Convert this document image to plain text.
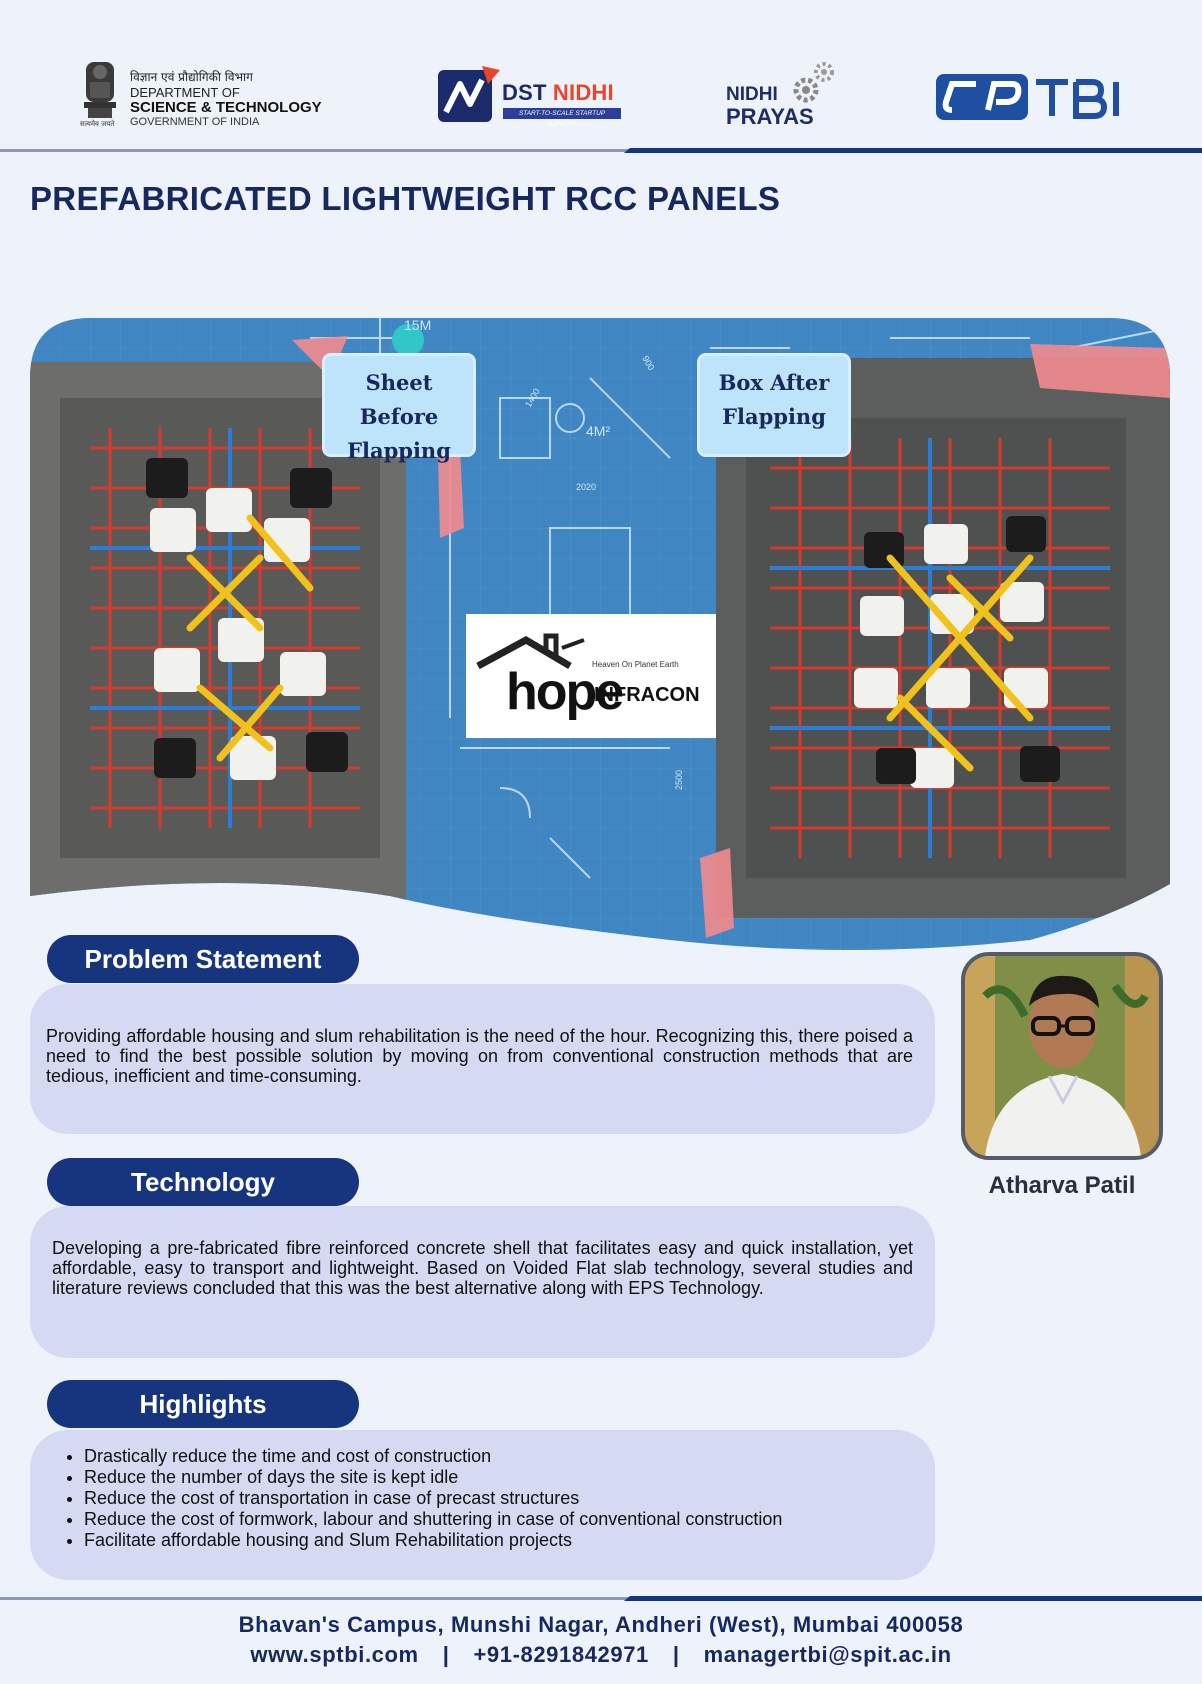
सत्यमेव जयते
विज्ञान एवं प्रौद्योगिकी विभाग
DEPARTMENT OF
SCIENCE & TECHNOLOGY
GOVERNMENT OF INDIA
DST NIDHI
START-TO-SCALE STARTUP SUPPORT
NIDHI
PRAYAS
PREFABRICATED LIGHTWEIGHT RCC PANELS
15M
4M²
900
1400
2020
2500
Sheet Before Flapping
Box After Flapping
Heaven On Planet Earth
hope
INFRACON
Providing affordable housing and slum rehabilitation is the need of the hour. Recognizing this, there poised a need to find the best possible solution by moving on from conventional construction methods that are tedious, inefficient and time-consuming.
Problem Statement
Developing a pre-fabricated fibre reinforced concrete shell that facilitates easy and quick installation, yet affordable, easy to transport and lightweight. Based on Voided Flat slab technology, several studies and literature reviews concluded that this was the best alternative along with EPS Technology.
Technology
• Drastically reduce the time and cost of construction
• Reduce the number of days the site is kept idle
• Reduce the cost of transportation in case of precast structures
• Reduce the cost of formwork, labour and shuttering in case of conventional construction
• Facilitate affordable housing and Slum Rehabilitation projects
Highlights
Atharva Patil
Bhavan's Campus, Munshi Nagar, Andheri (West), Mumbai 400058
www.sptbi.com | +91-8291842971 | managertbi@spit.ac.in
